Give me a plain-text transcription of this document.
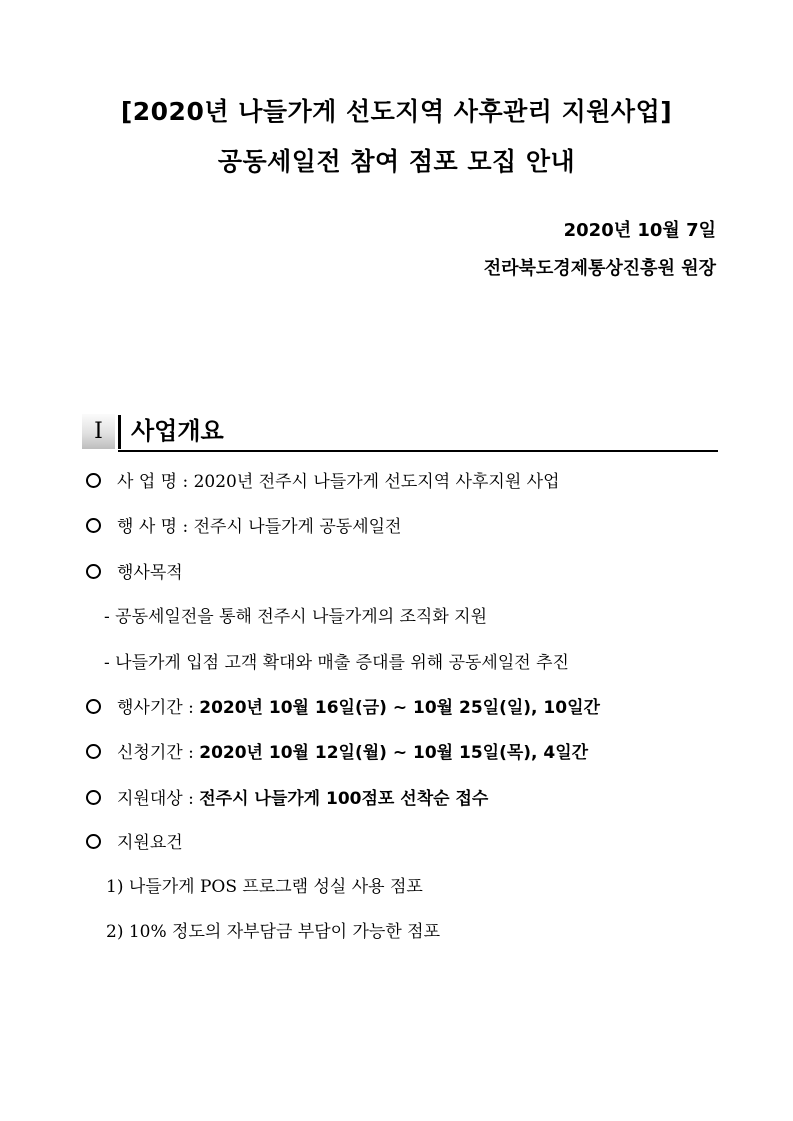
[2020년 나들가게 선도지역 사후관리 지원사업]
공동세일전 참여 점포 모집 안내
2020년 10월 7일
전라북도경제통상진흥원 원장
Ⅰ	사업개요
사 업 명 : 2020년 전주시 나들가게 선도지역 사후지원 사업
행 사 명 : 전주시 나들가게 공동세일전
행사목적
- 공동세일전을 통해 전주시 나들가게의 조직화 지원
- 나들가게 입점 고객 확대와 매출 증대를 위해 공동세일전 추진
행사기간 : 2020년 10월 16일(금) ~ 10월 25일(일), 10일간
신청기간 : 2020년 10월 12일(월) ~ 10월 15일(목), 4일간
지원대상 : 전주시 나들가게 100점포 선착순 접수
지원요건
1) 나들가게 POS 프로그램 성실 사용 점포
2) 10% 정도의 자부담금 부담이 가능한 점포
